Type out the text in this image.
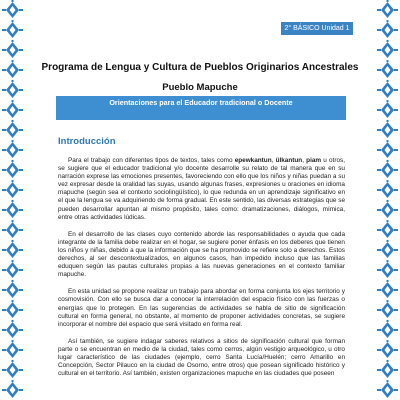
2° BÁSICO Unidad 1
Programa de Lengua y Cultura de Pueblos Originarios Ancestrales
Pueblo Mapuche
Orientaciones para el Educador tradicional o Docente
Introducción

Para el trabajo con diferentes tipos de textos, tales como epewkantun, ülkantun, piam u otros, se sugiere que el educador tradicional y/o docente desarrolle su relato de tal manera que en su narración exprese las emociones presentes, favoreciendo con ello que los niños y niñas puedan a su vez expresar desde la oralidad las suyas, usando algunas frases, expresiones u oraciones en idioma mapuche (según sea el contexto sociolingüístico), lo que redunda en un aprendizaje significativo en el que la lengua se va adquiriendo de forma gradual. En este sentido, las diversas estrategias que se pueden desarrollar apuntan al mismo propósito, tales como: dramatizaciones, diálogos, mímica, entre otras actividades lúdicas.

En el desarrollo de las clases cuyo contenido aborde las responsabilidades o ayuda que cada integrante de la familia debe realizar en el hogar, se sugiere poner énfasis en los deberes que tienen los niños y niñas, debido a que la información que se ha promovido se refiere solo a derechos. Estos derechos, al ser descontextualizados, en algunos casos, han impedido incluso que las familias eduquen según las pautas culturales propias a las nuevas generaciones en el contexto familiar mapuche.

En esta unidad se propone realizar un trabajo para abordar en forma conjunta los ejes territorio y cosmovisión. Con ello se busca dar a conocer la interrelación del espacio físico con las fuerzas o energías que lo protegen. En las sugerencias de actividades se habla de sitio de significación cultural en forma general, no obstante, al momento de proponer actividades concretas, se sugiere incorporar el nombre del espacio que será visitado en forma real.

Así también, se sugiere indagar saberes relativos a sitios de significación cultural que forman parte o se encuentran en medio de la ciudad, tales como cerros, algún vestigio arqueológico, u otro lugar característico de las ciudades (ejemplo, cerro Santa Lucía/Huelén; cerro Amarillo en Concepción, Sector Pilauco en la ciudad de Osorno, entre otros) que posean significado histórico y cultural en el territorio. Así también, existen organizaciones mapuche en las ciudades que poseen
